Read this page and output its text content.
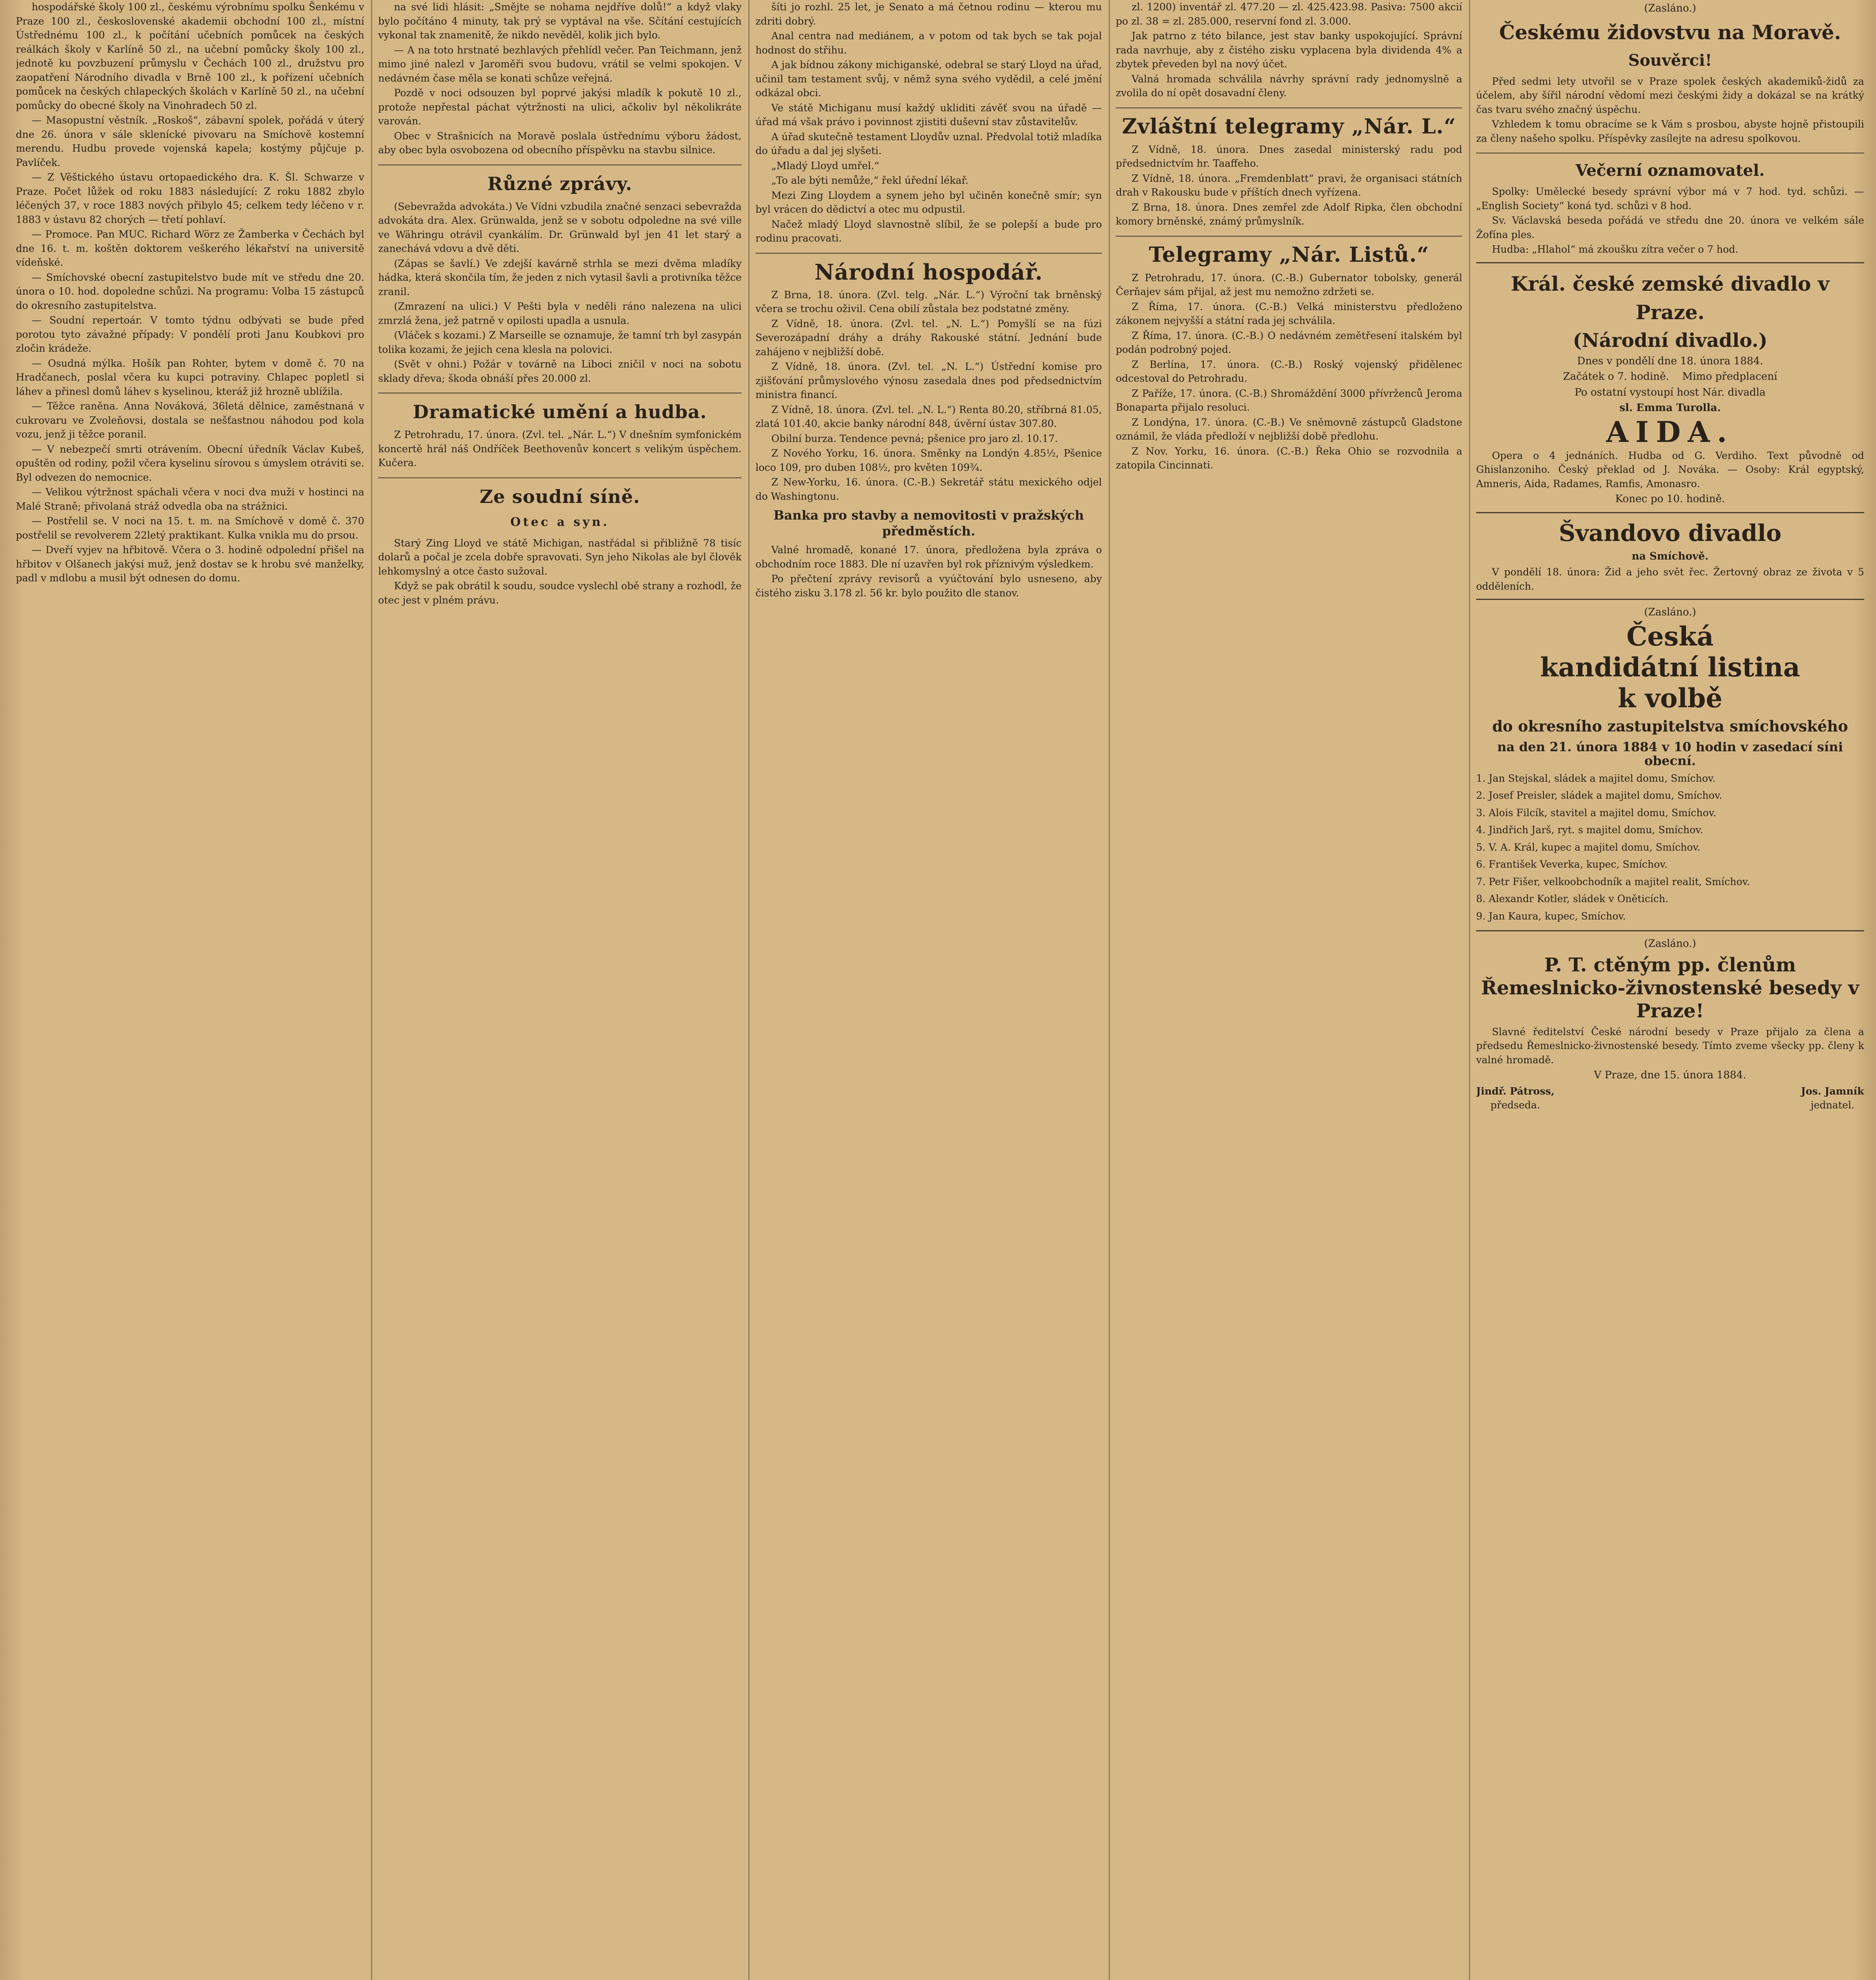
hospodářské školy 100 zl., českému výrobnímu spolku Šenkému v Praze 100 zl., československé akademii obchodní 100 zl., místní Ústřednému 100 zl., k počítání učebních pomůcek na českých reálkách školy v Karlíně 50 zl., na učební pomůcky školy 100 zl., jednotě ku povzbuzení průmyslu v Čechách 100 zl., družstvu pro zaopatření Národního divadla v Brně 100 zl., k pořízení učebních pomůcek na českých chlapeckých školách v Karlíně 50 zl., na učební pomůcky do obecné školy na Vinohradech 50 zl.

— Masopustní věstník. „Roskoš“, zábavní spolek, pořádá v úterý dne 26. února v sále sklenícké pivovaru na Smíchově kostemní merendu. Hudbu provede vojenská kapela; kostýmy půjčuje p. Pavlíček.

— Z Věštického ústavu ortopaedického dra. K. Šl. Schwarze v Praze. Počet lůžek od roku 1883 následující: Z roku 1882 zbylo léčených 37, v roce 1883 nových přibylo 45; celkem tedy léčeno v r. 1883 v ústavu 82 chorých — třetí pohlaví.

— Promoce. Pan MUC. Richard Wörz ze Žamberka v Čechách byl dne 16. t. m. koštěn doktorem veškerého lékařství na universitě vídeňské.

— Smíchovské obecní zastupitelstvo bude mít ve středu dne 20. února o 10. hod. dopoledne schůzi. Na programu: Volba 15 zástupců do okresního zastupitelstva.

— Soudní repertoár. V tomto týdnu odbývati se bude před porotou tyto závažné případy: V pondělí proti Janu Koubkovi pro zločin krádeže.

— Osudná mýlka. Hošík pan Rohter, bytem v domě č. 70 na Hradčanech, poslal včera ku kupci potraviny. Chlapec popletl si láhev a přinesl domů láhev s kyselinou, kteráž již hrozně ublížila.

— Těžce raněna. Anna Nováková, 36letá dělnice, zaměstnaná v cukrovaru ve Zvoleňovsi, dostala se nešťastnou náhodou pod kola vozu, jenž ji těžce poranil.

— V nebezpečí smrti otrávením. Obecní úředník Václav Kubeš, opuštěn od rodiny, požil včera kyselinu sírovou s úmyslem otráviti se. Byl odvezen do nemocnice.

— Velikou výtržnost spáchali včera v noci dva muži v hostinci na Malé Straně; přivolaná stráž odvedla oba na strážnici.

— Postřelil se. V noci na 15. t. m. na Smíchově v domě č. 370 postřelil se revolverem 22letý praktikant. Kulka vnikla mu do prsou.

— Dveří vyjev na hřbitově. Včera o 3. hodině odpolední přišel na hřbitov v Olšanech jakýsi muž, jenž dostav se k hrobu své manželky, padl v mdlobu a musil být odnesen do domu.

na své lidi hlásit: „Smějte se nohama nejdříve dolů!“ a když vlaky bylo počítáno 4 minuty, tak prý se vyptával na vše. Sčítání cestujících vykonal tak znamenitě, že nikdo nevěděl, kolik jich bylo.

— A na toto hrstnaté bezhlavých přehlídl večer. Pan Teichmann, jenž mimo jiné nalezl v Jaroměři svou budovu, vrátil se velmi spokojen. V nedávném čase měla se konati schůze veřejná.

Pozdě v noci odsouzen byl poprvé jakýsi mladík k pokutě 10 zl., protože nepřestal páchat výtržnosti na ulici, ačkoliv byl několikráte varován.

Obec v Strašnicích na Moravě poslala ústřednímu výboru žádost, aby obec byla osvobozena od obecního příspěvku na stavbu silnice.

Různé zprávy.

(Sebevražda advokáta.) Ve Vídni vzbudila značné senzaci sebevražda advokáta dra. Alex. Grünwalda, jenž se v sobotu odpoledne na své ville ve Währingu otrávil cyankálím. Dr. Grünwald byl jen 41 let starý a zanechává vdovu a dvě děti.

(Zápas se šavlí.) Ve zdejší kavárně strhla se mezi dvěma mladíky hádka, která skončila tím, že jeden z nich vytasil šavli a protivníka těžce zranil.

(Zmrazení na ulici.) V Pešti byla v neděli ráno nalezena na ulici zmrzlá žena, jež patrně v opilosti upadla a usnula.

(Vláček s kozami.) Z Marseille se oznamuje, že tamní trh byl zasypán tolika kozami, že jejich cena klesla na polovici.

(Svět v ohni.) Požár v továrně na Liboci zničil v noci na sobotu sklady dřeva; škoda obnáší přes 20.000 zl.

Dramatické umění a hudba.

Z Petrohradu, 17. února. (Zvl. tel. „Nár. L.“) V dnešním symfonickém koncertě hrál náš Ondříček Beethovenův koncert s velikým úspěchem. Kučera.

Ze soudní síně.
Otec a syn.

Starý Zing Lloyd ve státě Michigan, nastřádal si přibližně 78 tisíc dolarů a počal je zcela dobře spravovati. Syn jeho Nikolas ale byl člověk lehkomyslný a otce často sužoval.

Když se pak obrátil k soudu, soudce vyslechl obě strany a rozhodl, že otec jest v plném právu.

šíti jo rozhl. 25 let, je Senato a má četnou rodinu — kterou mu zdriti dobrý.

Anal centra nad mediánem, a v potom od tak bych se tak pojal hodnost do střihu.

A jak bídnou zákony michiganské, odebral se starý Lloyd na úřad, učinil tam testament svůj, v němž syna svého vydědil, a celé jmění odkázal obci.

Ve státě Michiganu musí každý ukliditi závěť svou na úřadě — úřad má však právo i povinnost zjistiti duševní stav zůstavitelův.

A úřad skutečně testament Lloydův uznal. Předvolal totiž mladíka do úřadu a dal jej slyšeti.

„Mladý Lloyd umřel.“

„To ale býti nemůže,“ řekl úřední lékař.

Mezi Zing Lloydem a synem jeho byl učiněn konečně smír; syn byl vrácen do dědictví a otec mu odpustil.

Načež mladý Lloyd slavnostně slíbil, že se polepší a bude pro rodinu pracovati.

Národní hospodář.

Z Brna, 18. února. (Zvl. telg. „Nár. L.“) Výroční tak brněnský včera se trochu oživil. Cena obilí zůstala bez podstatné změny.

Z Vídně, 18. února. (Zvl. tel. „N. L.“) Pomyšlí se na fúzi Severozápadní dráhy a dráhy Rakouské státní. Jednání bude zahájeno v nejbližší době.

Z Vídně, 18. února. (Zvl. tel. „N. L.“) Ústřední komise pro zjišťování průmyslového výnosu zasedala dnes pod předsednictvím ministra financí.

Z Vídně, 18. února. (Zvl. tel. „N. L.“) Renta 80.20, stříbrná 81.05, zlatá 101.40, akcie banky národní 848, úvěrní ústav 307.80.

Obilní burza. Tendence pevná; pšenice pro jaro zl. 10.17.

Z Nového Yorku, 16. února. Směnky na Londýn 4.85½, Pšenice loco 109, pro duben 108½, pro květen 109¾.

Z New-Yorku, 16. února. (C.-B.) Sekretář státu mexického odjel do Washingtonu.

Banka pro stavby a nemovitosti v pražských předměstích.

Valné hromadě, konané 17. února, předložena byla zpráva o obchodním roce 1883. Dle ní uzavřen byl rok příznivým výsledkem.

Po přečtení zprávy revisorů a vyúčtování bylo usneseno, aby čistého zisku 3.178 zl. 56 kr. bylo použito dle stanov.

zl. 1200) inventář zl. 477.20 — zl. 425.423.98. Pasiva: 7500 akcií po zl. 38 = zl. 285.000, reservní fond zl. 3.000.

Jak patrno z této bilance, jest stav banky uspokojující. Správní rada navrhuje, aby z čistého zisku vyplacena byla dividenda 4% a zbytek převeden byl na nový účet.

Valná hromada schválila návrhy správní rady jednomyslně a zvolila do ní opět dosavadní členy.

Zvláštní telegramy „Nár. L.“

Z Vídně, 18. února. Dnes zasedal ministerský radu pod předsednictvím hr. Taaffeho.

Z Vídně, 18. února. „Fremdenblatt“ pravi, že organisaci státních drah v Rakousku bude v příštích dnech vyřízena.

Z Brna, 18. února. Dnes zemřel zde Adolf Ripka, člen obchodní komory brněnské, známý průmyslník.

Telegramy „Nár. Listů.“

Z Petrohradu, 17. února. (C.-B.) Gubernator tobolsky, generál Čerňajev sám přijal, až jest mu nemožno zdržeti se.

Z Říma, 17. února. (C.-B.) Velká ministerstvu předloženo zákonem nejvyšší a státní rada jej schválila.

Z Říma, 17. února. (C.-B.) O nedávném zemětřesení italském byl podán podrobný pojed.

Z Berlína, 17. února. (C.-B.) Roský vojenský přidělenec odcestoval do Petrohradu.

Z Paříže, 17. února. (C.-B.) Shromáždění 3000 přívrženců Jeroma Bonaparta přijalo resoluci.

Z Londýna, 17. února. (C.-B.) Ve sněmovně zástupců Gladstone oznámil, že vláda předloží v nejbližší době předlohu.

Z Nov. Yorku, 16. února. (C.-B.) Řeka Ohio se rozvodnila a zatopila Cincinnati.

(Zasláno.)
Českému židovstvu na Moravě.
Souvěrci!

Před sedmi lety utvořil se v Praze spolek českých akademiků-židů za účelem, aby šířil národní vědomí mezi českými židy a dokázal se na krátký čas tvaru svého značný úspěchu.

Vzhledem k tomu obracíme se k Vám s prosbou, abyste hojně přistoupili za členy našeho spolku. Příspěvky zasílejte na adresu spolkovou.

Večerní oznamovatel.

Spolky: Umělecké besedy správní výbor má v 7 hod. tyd. schůzi. — „English Society“ koná tyd. schůzi v 8 hod.

Sv. Václavská beseda pořádá ve středu dne 20. února ve velkém sále Žofína ples.

Hudba: „Hlahol“ má zkoušku zítra večer o 7 hod.

Král. české zemské divadlo v Praze.
(Národní divadlo.)
Dnes v pondělí dne 18. února 1884.
Začátek o 7. hodině.    Mimo předplacení
Po ostatní vystoupí host Nár. divadla
sl. Emma Turolla.
AIDA.

Opera o 4 jednáních. Hudba od G. Verdiho. Text původně od Ghislanzoniho. Český překlad od J. Nováka. — Osoby: Král egyptský, Amneris, Aida, Radames, Ramfis, Amonasro.

Konec po 10. hodině.
Švandovo divadlo
na Smíchově.

V pondělí 18. února: Žid a jeho svět řec. Žertovný obraz ze života v 5 odděleních.

(Zasláno.)
Česká
kandidátní listina
k volbě
do okresního zastupitelstva smíchovského
na den 21. února 1884 v 10 hodin v zasedací síni obecní.

1. Jan Stejskal, sládek a majitel domu, Smíchov.

2. Josef Preisler, sládek a majitel domu, Smíchov.

3. Alois Filcík, stavitel a majitel domu, Smíchov.

4. Jindřich Jarš, ryt. s majitel domu, Smíchov.

5. V. A. Král, kupec a majitel domu, Smíchov.

6. František Veverka, kupec, Smíchov.

7. Petr Fišer, velkoobchodník a majitel realit, Smíchov.

8. Alexandr Kotler, sládek v Oněticích.

9. Jan Kaura, kupec, Smíchov.

(Zasláno.)
P. T. ctěným pp. členům Řemeslnicko-živnostenské besedy v Praze!

Slavné ředitelství České národní besedy v Praze přijalo za člena a předsedu Řemeslnicko-živnostenské besedy. Tímto zveme všecky pp. členy k valné hromadě.

V Praze, dne 15. února 1884.
Jindř. Pátross,
předseda.
Jos. Jamník
jednatel.
